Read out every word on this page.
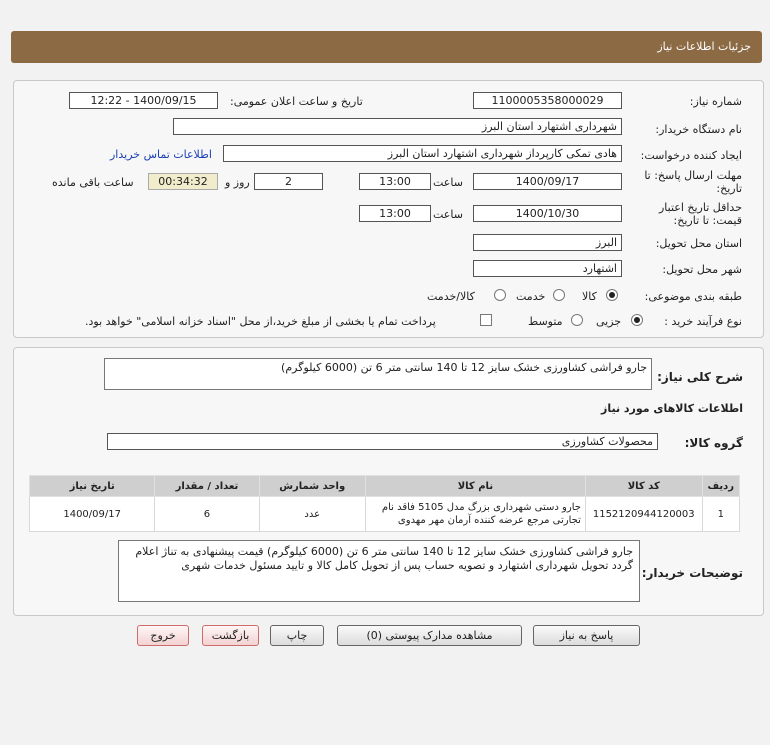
جزئیات اطلاعات نیاز
شماره نیاز:
1100005358000029
تاریخ و ساعت اعلان عمومی:
1400/09/15 - 12:22
نام دستگاه خریدار:
شهرداری اشتهارد استان البرز
ایجاد کننده درخواست:
هادی تمکی کارپرداز شهرداری اشتهارد استان البرز
اطلاعات تماس خریدار
مهلت ارسال پاسخ: تا
تاریخ:
1400/09/17
ساعت
13:00
2
روز و
00:34:32
ساعت باقی مانده
حداقل تاریخ اعتبار
قیمت: تا تاریخ:
1400/10/30
ساعت
13:00
استان محل تحویل:
البرز
شهر محل تحویل:
اشتهارد
طبقه بندی موضوعی:
کالا
خدمت
کالا/خدمت
نوع فرآیند خرید :
جزیی
متوسط
پرداخت تمام یا بخشی از مبلغ خرید،از محل "اسناد خزانه اسلامی" خواهد بود.
شرح کلی نیاز:
جارو فراشی کشاورزی خشک سایز 12 تا 140 سانتی متر 6 تن (6000 کیلوگرم)
اطلاعات کالاهای مورد نیاز
گروه کالا:
محصولات کشاورزی
ردیف	کد کالا	نام کالا	واحد شمارش	تعداد / مقدار	تاریخ نیاز
1	1152120944120003	جارو دستی شهرداری بزرگ مدل 5105 فاقد نام تجارتی مرجع عرضه کننده آرمان مهر مهدوی	عدد	6	1400/09/17
توضیحات خریدار:
جارو فراشی کشاورزی خشک سایز 12 تا 140 سانتی متر 6 تن (6000 کیلوگرم) قیمت پیشنهادی به تناژ اعلام گردد تحویل شهرداری اشتهارد و تصویه حساب پس از تحویل کامل کالا و تایید مسئول خدمات شهری
پاسخ به نیاز
مشاهده مدارک پیوستی (0)
چاپ
بازگشت
خروج
